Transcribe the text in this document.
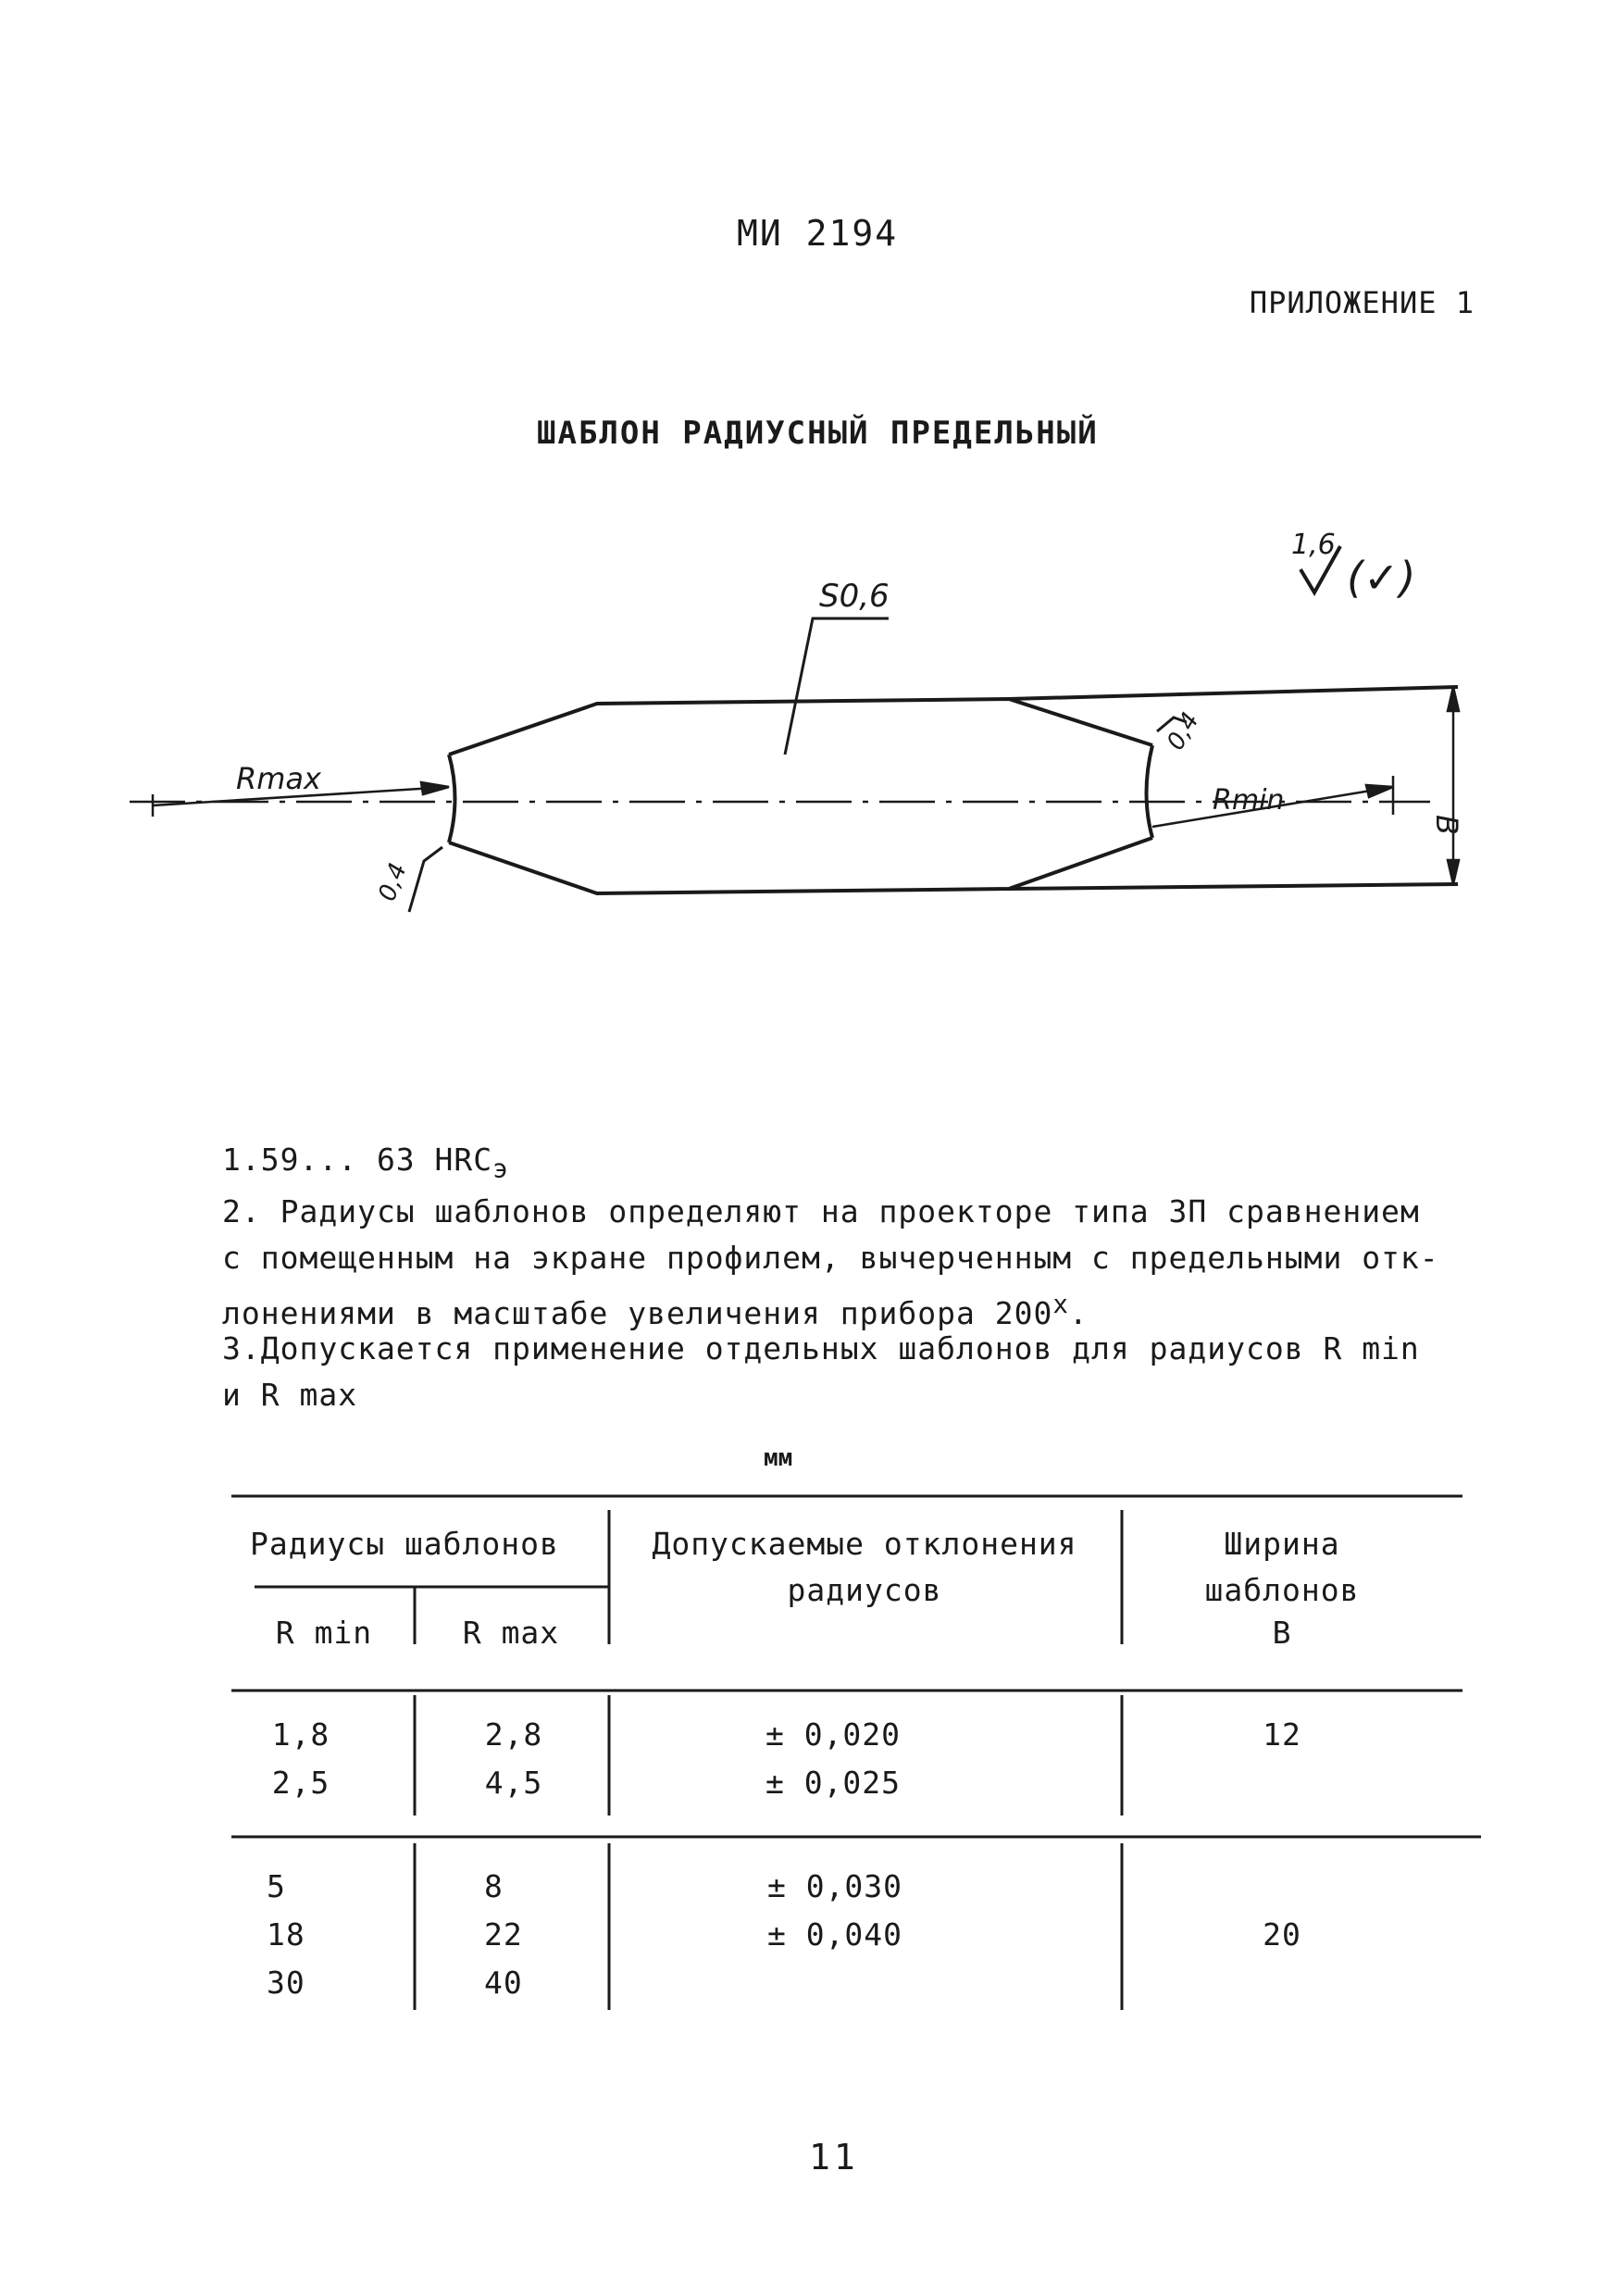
МИ 2194
ПРИЛОЖЕНИЕ 1
ШАБЛОН РАДИУСНЫЙ ПРЕДЕЛЬНЫЙ
Rmax
Rmin
B
S0,6
1,6
(✓)
0,4
0,4
1.59... 63 $HRC_э$
2. Радиусы шаблонов определяют на проекторе типа ЗП сравнением
с помещенным на экране профилем, вычерченным с предельными отк-
лонениями в масштабе увеличения прибора $200^х$.
3.Допускается применение отдельных шаблонов для радиусов R min
и R max
мм
Радиусы шаблонов
R min	R max
Допускаемые отклонения
радиусов
Ширина
шаблонов
В
1,8
2,5
2,8
4,5
± 0,020
± 0,025
12
5
18
30
8
22
40
± 0,030
± 0,040	20
11
